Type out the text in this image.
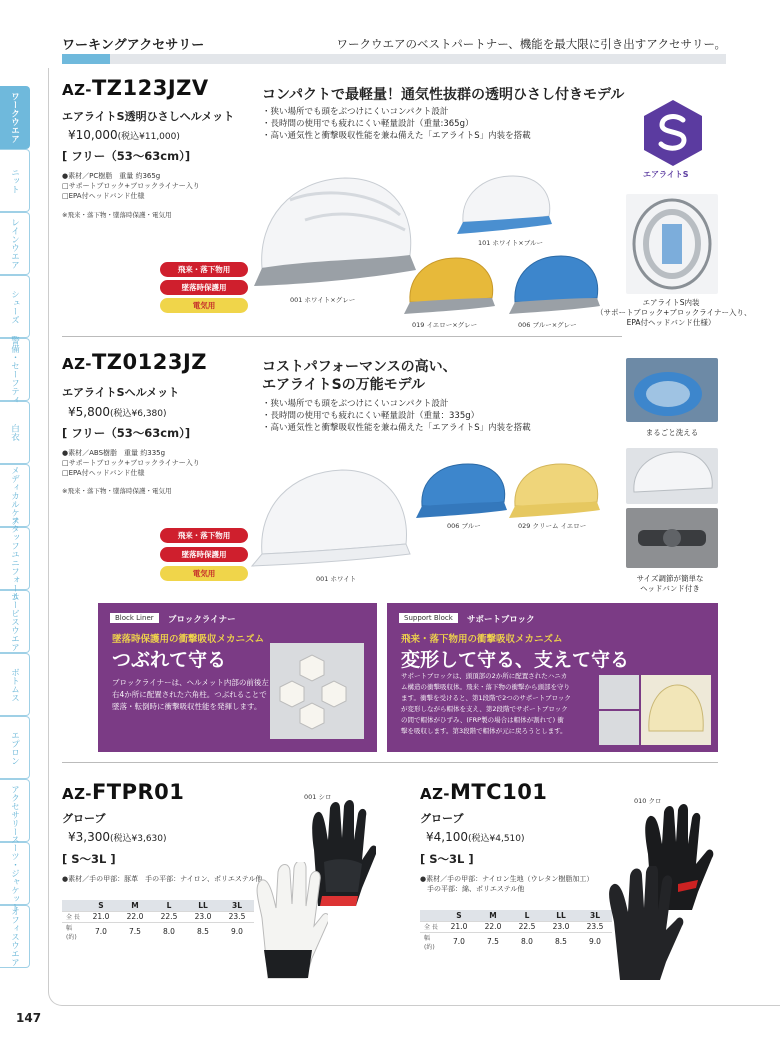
ワーキングアクセサリー	ワークウエアのベストパートナー、機能を最大限に引き出すアクセサリー。
ワークウエア
ニット
レインウエア
シューズ
警備・セーフティ
白衣
メディカルケア
スタッフユニフォーム
サービスウエア
ボトムス
エプロン
アクセサリー
スーツ・ジャケット
オフィスウエア
AZ-TZ123JZV
エアライトS透明ひさしヘルメット
¥10,000(税込¥11,000)
[ フリー（53～63cm）]
●素材／PC樹脂　重量 約365g
□サポートブロック+ブロックライナー入り
□EPA付ヘッドバンド仕様
※飛来・落下物・墜落時保護・電気用
コンパクトで最軽量！通気性抜群の透明ひさし付きモデル
・狭い場所でも頭をぶつけにくいコンパクト設計
・長時間の使用でも疲れにくい軽量設計（重量:365g）
・高い通気性と衝撃吸収性能を兼ね備えた「エアライトS」内装を搭載
飛来・落下物用
墜落時保護用
電気用
001 ホワイト×グレー
101 ホワイト×ブルー
019 イエロー×グレー	006 ブルー×グレー
エアライトS
エアライトS内装
（サポートブロック+ブロックライナー入り、
EPA付ヘッドバンド仕様）
AZ-TZ0123JZ
エアライトSヘルメット
¥5,800(税込¥6,380)
[ フリー（53～63cm）]
●素材／ABS樹脂　重量 約335g
□サポートブロック+ブロックライナー入り
□EPA付ヘッドバンド仕様
※飛来・落下物・墜落時保護・電気用
コストパフォーマンスの高い、
エアライトSの万能モデル
・狭い場所でも頭をぶつけにくいコンパクト設計
・長時間の使用でも疲れにくい軽量設計（重量：335g）
・高い通気性と衝撃吸収性能を兼ね備えた「エアライトS」内装を搭載
飛来・落下物用
墜落時保護用
電気用
001 ホワイト
006 ブルー	029 クリーム イエロー
まるごと洗える
サイズ調節が簡単な
ヘッドバンド付き
Block Liner	ブロックライナー
墜落時保護用の衝撃吸収メカニズム
つぶれて守る
ブロックライナーは、ヘルメット内部の前後左
右4か所に配置された六角柱。つぶれることで
墜落・転倒時に衝撃吸収性能を発揮します。
Support Block	サポートブロック
飛来・落下物用の衝撃吸収メカニズム
変形して守る、支えて守る
サポートブロックは、頭頂部の2か所に配置されたハニカ
ム構造の衝撃吸収体。飛来・落下物の衝撃から頭部を守り
ます。衝撃を受けると、第1段階で2つのサポートブロック
が変形しながら帽体を支え、第2段階でサポートブロック
の間で帽体がひずみ、(FRP製の場合は帽体が割れて) 衝
撃を吸収します。第3段階で帽体が元に戻ろうとします。
AZ-FTPR01
グローブ
¥3,300(税込¥3,630)
[ S～3L ]
●素材／手の甲部：豚革　手の平部：ナイロン、ポリエステル他
	S	M	L	LL	3L
全 長	21.0	22.0	22.5	23.0	23.5
幅(約)	7.0	7.5	8.0	8.5	9.0
001 シロ	AZ-MTC101
グローブ
¥4,100(税込¥4,510)
[ S～3L ]
●素材／手の甲部：ナイロン生地（ウレタン樹脂加工）
　手の平部：綿、ポリエステル他
	S	M	L	LL	3L
全 長	21.0	22.0	22.5	23.0	23.5
幅(約)	7.0	7.5	8.0	8.5	9.0
010 クロ
147
